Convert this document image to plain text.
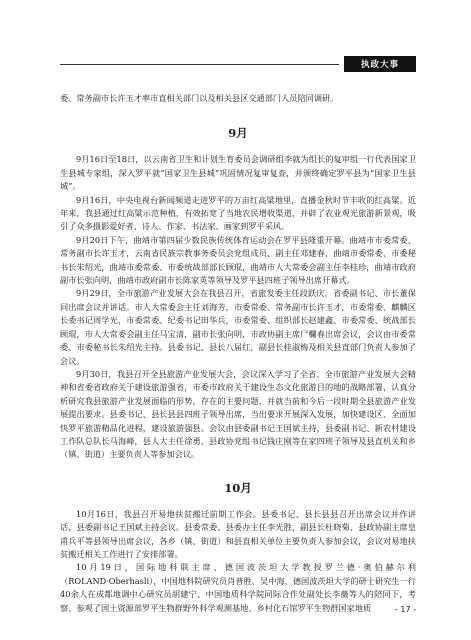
执政大事

委、常务副市长许玉才率市直相关部门以及相关县区交通部门人员陪同调研。

9月

9月16日至18日，以云南省卫生和计划生育委员会调研组李就为组长的复审组一行代表国家卫生县城专家组，深入罗平就“国家卫生县城”巩固情况复审复查，并颁终确定罗平县为“国家卫生县城”。

9月16日，中央电视台新闻频道走进罗平的万亩红高粱地里，直播金秋时节丰收的红高粱。近年来，我县通过红高粱示范种植，有效拓宽了当地农民增收渠道，并辟了农业观光旅游新景观，吸引了众多摄影爱好者、诗人、作家、书法家、画家到罗平采风。

9月20日下午，曲靖市第四届少数民族传统体育运动会在罗平县隆重开幕。曲靖市市委常委、常务副市长许玉才，云南省民族宗教事务委员会党组成员、副主任邓建春，曲靖市委常委、市委秘书长朱绍光，曲靖市委常委、市委统战部部长顾琨，曲靖市人大常委会副主任李桂珍，曲靖市政府副市长张向明，曲靖市政府副市长陈家英等领导及罗平县四班子领导出席开幕式。

9月29日，全市旅游产业发展大会在我县召开，省旅发委主任段跃庆，省委副书记、市长董保同出席会议并讲话。市人大常委会主任刘海芳，市委常委、常务副市长许玉才，市委常委、麒麟区长委书记周学光，市委常委、纪委书记田华兵，市委常委、组织部长赵建鑫、市委常委、统战部长顾琨，市人大常委会副主任马宝清，副市长张向明，市政协副主席尸欄春出席会议，会议由市委常委、市委秘书长朱绍光主持。县委书记、县长八届红，副县长桂淑梅及相关县直部门负责人参加了会议。

9月30日，我县召开全县旅游产业发展大会，会议深入学习了全省、全市旅游产业发展大会精神和省委省政府关于建设旅游强省，市委市政府关于建设生态文化旅游目的地的战略部署，认真分析研究我县旅游产业发展面临的形势，存在的主要问题，并就当前和今后一段时期全县旅游产业发展提出要求。县委书记、县长县县四班子领导出席，当出要求开展深入发展，加快建设区、全面加快罗平旅游精品化进程，建设旅游强县。会议由县委副书记王国斌主持，县委副书记、新农村建设工作队总队长马海峰，县人大主任徐勇，县政协党组书记钱庄刚等在家四班子领导及县直机关和乡（镇、街道）主要负责人等参加会议。

10月

10月16日，我县召开易地扶贫搬迁前期工作会。县委书记、县长县县召开出席会议并作讲话，县委副书记王国斌主持会议。县委常委、县委办主任李光胜，副县长杜晓菊，县政协副主席皇甫兵平等县领导出席会议，各乡（镇、街道）和县直相关单位主要负责人参加会议，会议对易地扶贫搬迁相关工作进行了安排部署。

10月19日，国际地科联主席、德国波茨坦大学教授罗兰德·奥伯赫尔利（ROLAND·Oberhasli），中国地科院研究员肖普胜、吴中海，德国波茨坦大学的研士研究生一行40余人在成都地调中心研究员胡建宁、中国地质科学院同际合作处副处长李薇等人的陪同下，考察、参观了国土资源部罗平生物群野外科学观测基地、乡村化石馆罗平生物群国家地质	- 17 -
